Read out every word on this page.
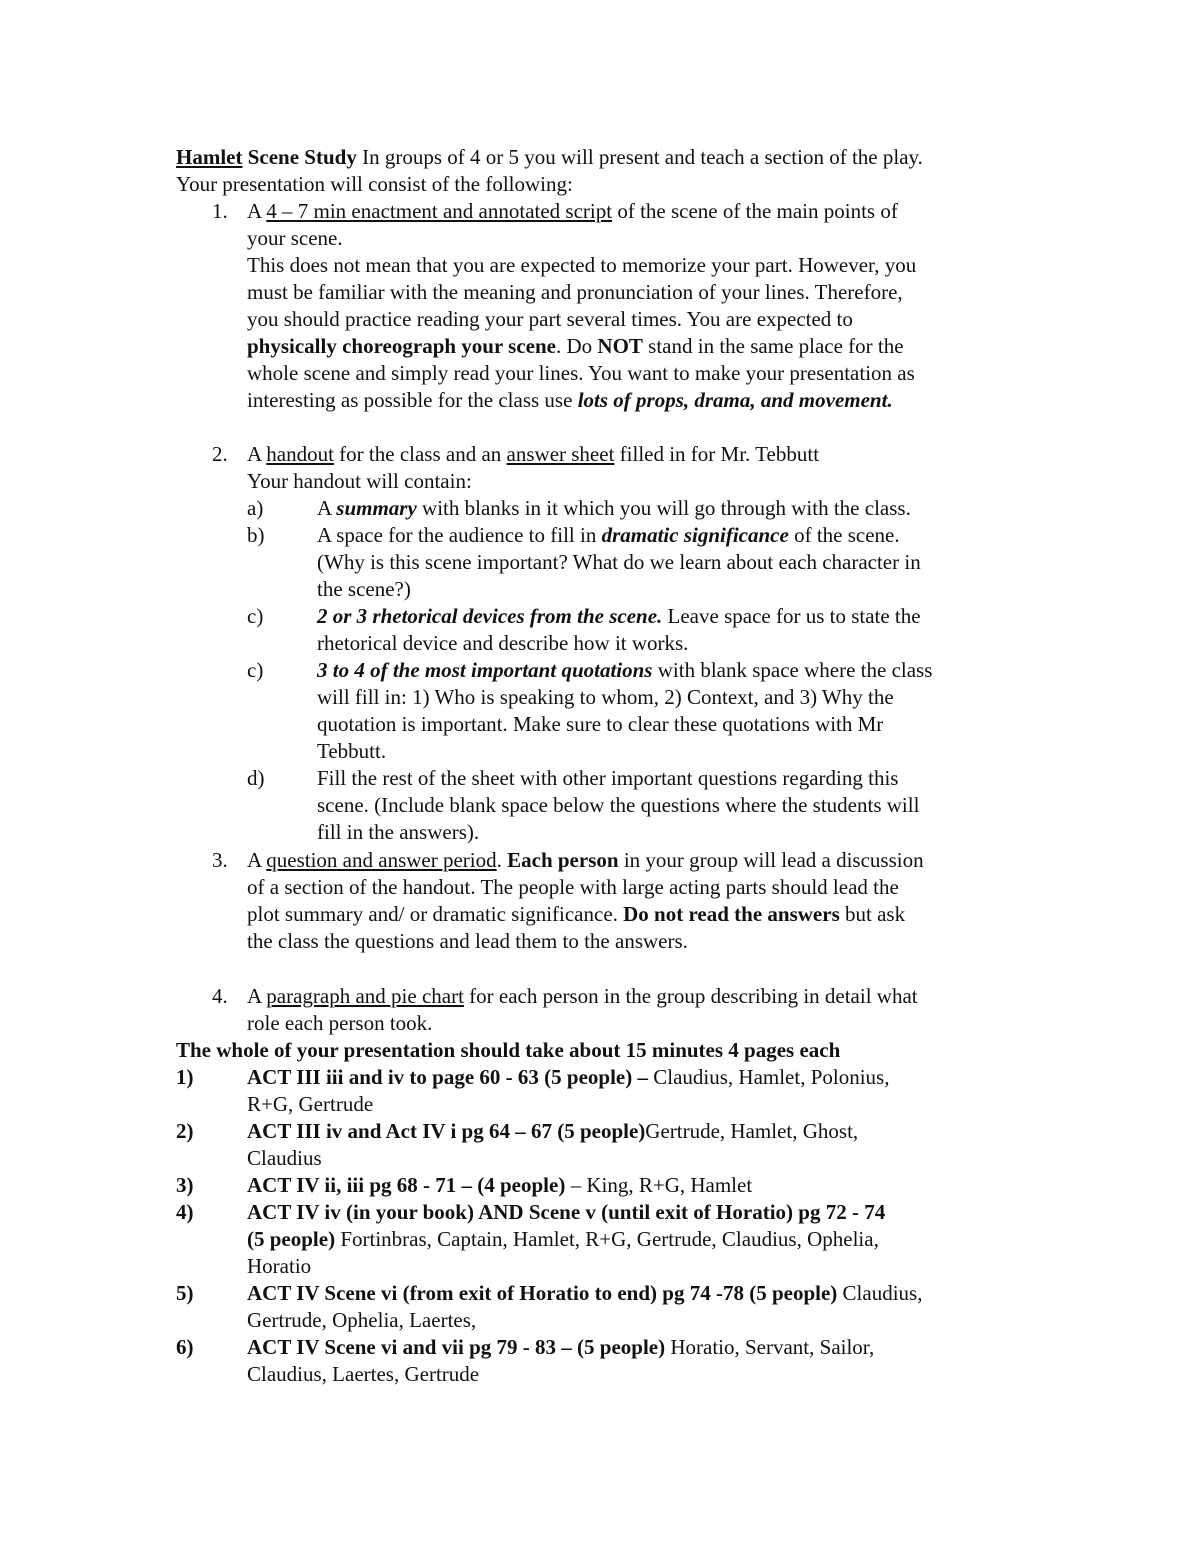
Hamlet Scene Study In groups of 4 or 5 you will present and teach a section of the play.
Your presentation will consist of the following:
1. A 4 – 7 min enactment and annotated script of the scene of the main points of
your scene.
This does not mean that you are expected to memorize your part. However, you
must be familiar with the meaning and pronunciation of your lines. Therefore,
you should practice reading your part several times. You are expected to
physically choreograph your scene. Do NOT stand in the same place for the
whole scene and simply read your lines. You want to make your presentation as
interesting as possible for the class use lots of props, drama, and movement.
2. A handout for the class and an answer sheet filled in for Mr. Tebbutt
Your handout will contain:
a)	A summary with blanks in it which you will go through with the class.
b)	A space for the audience to fill in dramatic significance of the scene.
(Why is this scene important? What do we learn about each character in
the scene?)
c)	2 or 3 rhetorical devices from the scene. Leave space for us to state the
rhetorical device and describe how it works.
c)	3 to 4 of the most important quotations with blank space where the class
will fill in: 1) Who is speaking to whom, 2) Context, and 3) Why the
quotation is important. Make sure to clear these quotations with Mr
Tebbutt.
d)	Fill the rest of the sheet with other important questions regarding this
scene. (Include blank space below the questions where the students will
fill in the answers).
3. A question and answer period. Each person in your group will lead a discussion
of a section of the handout. The people with large acting parts should lead the
plot summary and/ or dramatic significance. Do not read the answers but ask
the class the questions and lead them to the answers.
4. A paragraph and pie chart for each person in the group describing in detail what
role each person took.
The whole of your presentation should take about 15 minutes 4 pages each
1)	ACT III iii and iv to page 60 - 63 (5 people) – Claudius, Hamlet, Polonius,
R+G, Gertrude
2)	ACT III iv and Act IV i pg 64 – 67 (5 people)Gertrude, Hamlet, Ghost,
Claudius
3)	ACT IV ii, iii pg 68 - 71 – (4 people) – King, R+G, Hamlet
4)	ACT IV iv (in your book) AND Scene v (until exit of Horatio) pg 72 - 74
(5 people) Fortinbras, Captain, Hamlet, R+G, Gertrude, Claudius, Ophelia,
Horatio
5)	ACT IV Scene vi (from exit of Horatio to end) pg 74 -78 (5 people) Claudius,
Gertrude, Ophelia, Laertes,
6)	ACT IV Scene vi and vii pg 79 - 83 – (5 people) Horatio, Servant, Sailor,
Claudius, Laertes, Gertrude
